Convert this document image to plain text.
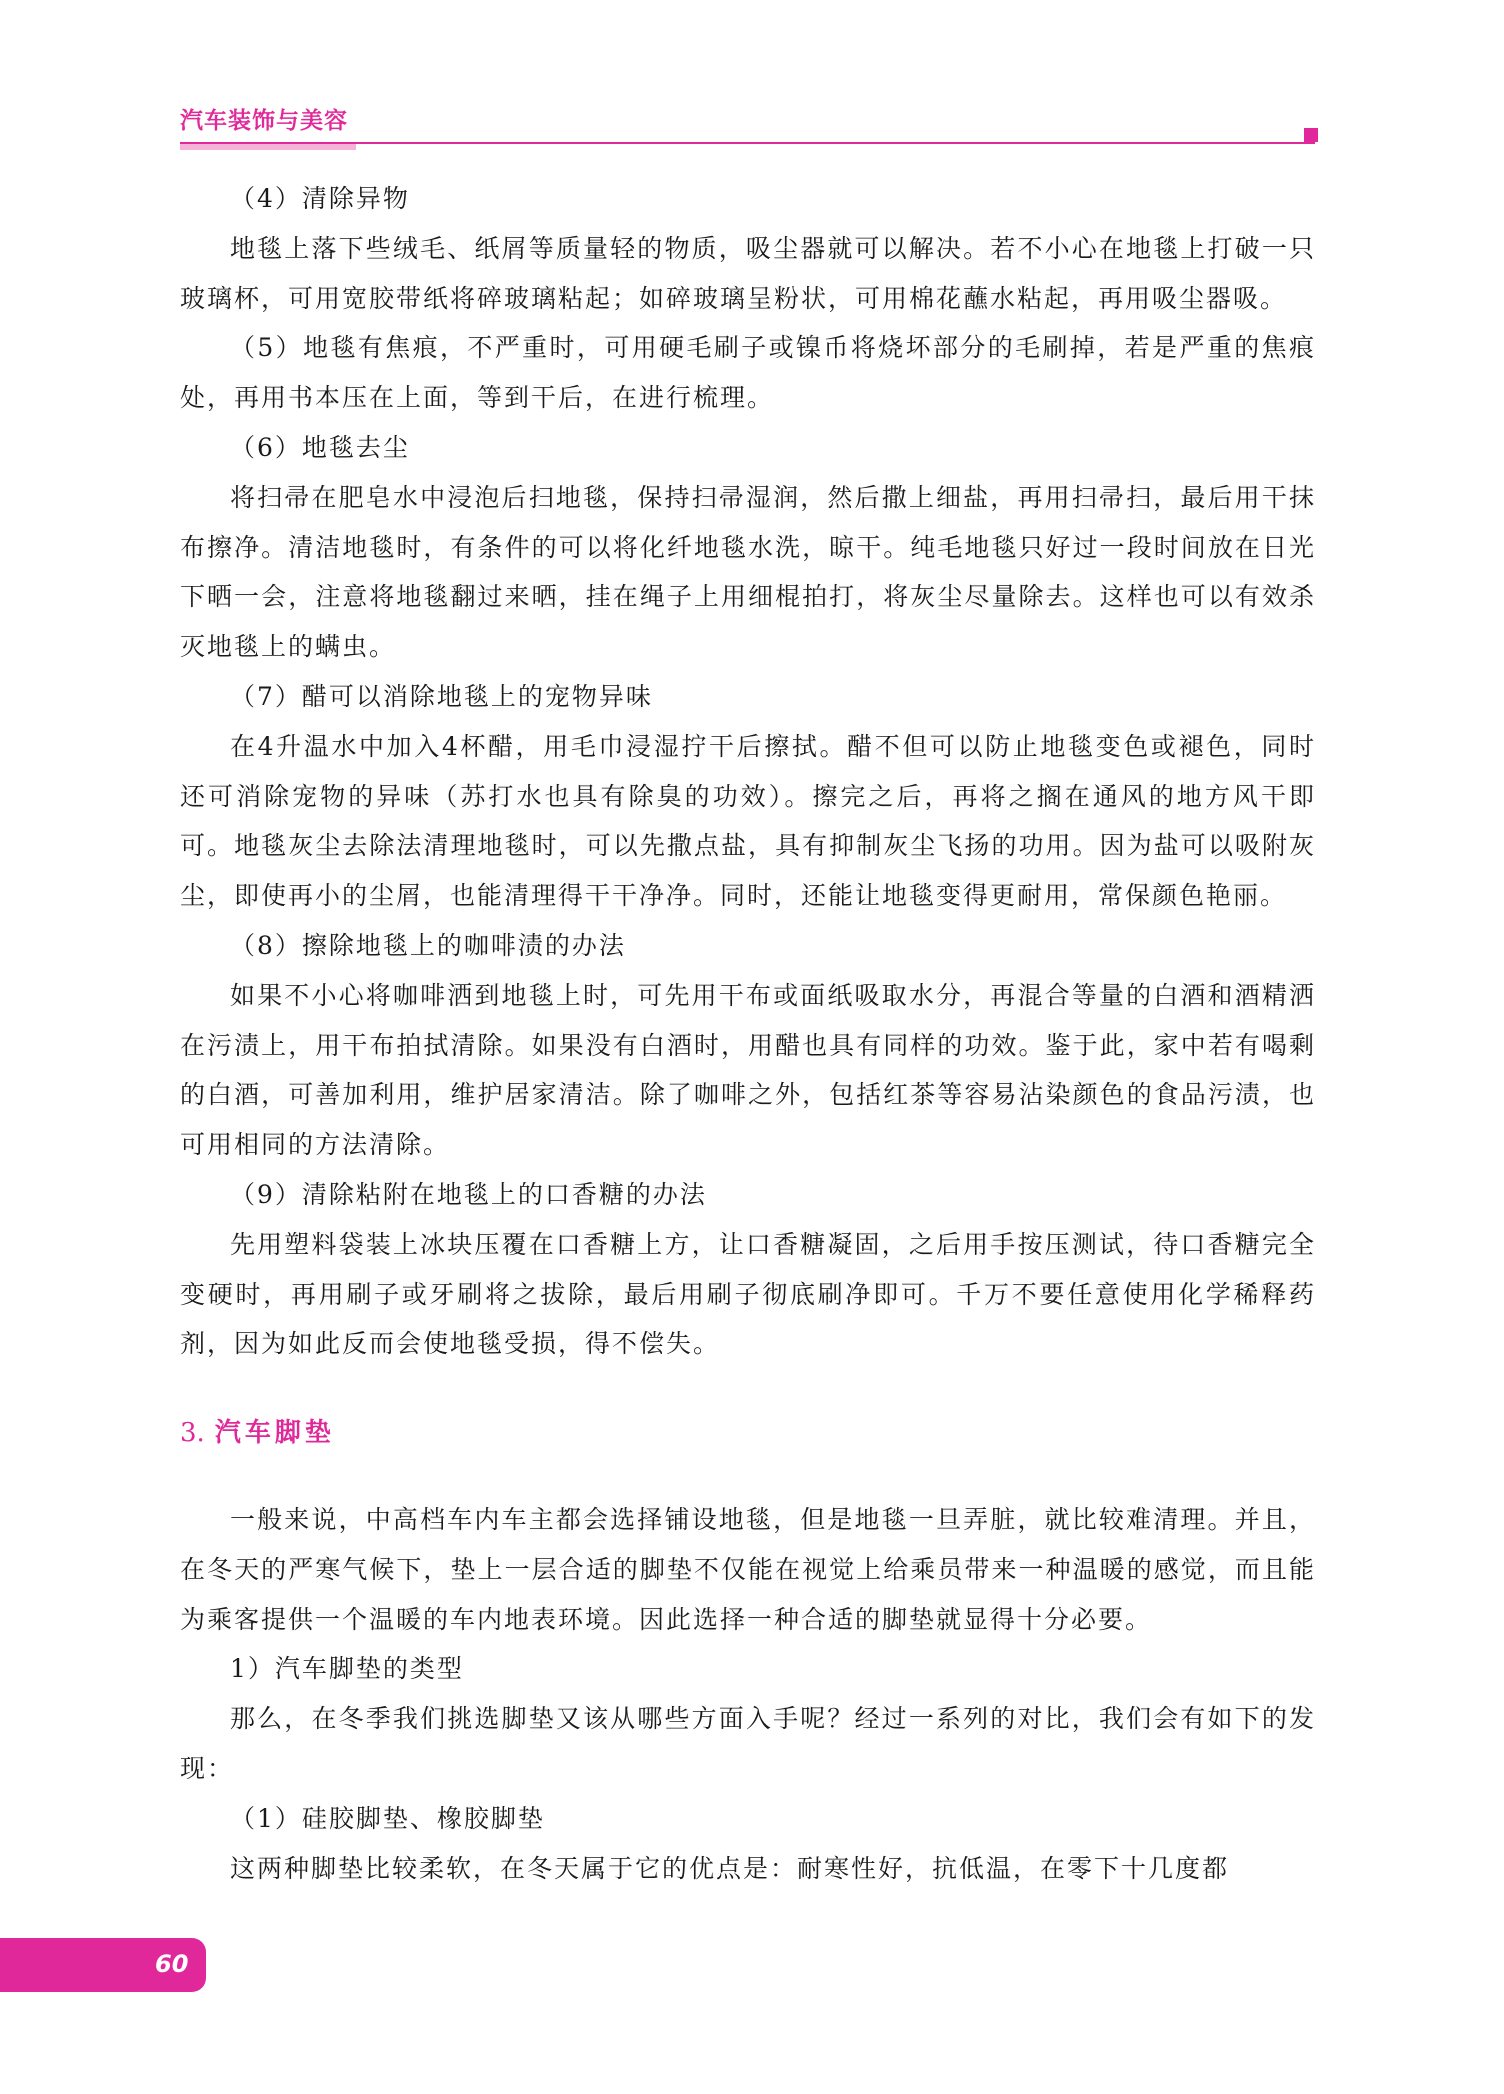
汽车装饰与美容

（4）清除异物

地毯上落下些绒毛、纸屑等质量轻的物质，吸尘器就可以解决。若不小心在地毯上打破一只玻璃杯，可用宽胶带纸将碎玻璃粘起；如碎玻璃呈粉状，可用棉花蘸水粘起，再用吸尘器吸。

（5）地毯有焦痕，不严重时，可用硬毛刷子或镍币将烧坏部分的毛刷掉，若是严重的焦痕处，再用书本压在上面，等到干后，在进行梳理。

（6）地毯去尘

将扫帚在肥皂水中浸泡后扫地毯，保持扫帚湿润，然后撒上细盐，再用扫帚扫，最后用干抹布擦净。清洁地毯时，有条件的可以将化纤地毯水洗，晾干。纯毛地毯只好过一段时间放在日光下晒一会，注意将地毯翻过来晒，挂在绳子上用细棍拍打，将灰尘尽量除去。这样也可以有效杀灭地毯上的螨虫。

（7）醋可以消除地毯上的宠物异味

在4升温水中加入4杯醋，用毛巾浸湿拧干后擦拭。醋不但可以防止地毯变色或褪色，同时还可消除宠物的异味（苏打水也具有除臭的功效）。擦完之后，再将之搁在通风的地方风干即可。地毯灰尘去除法清理地毯时，可以先撒点盐，具有抑制灰尘飞扬的功用。因为盐可以吸附灰尘，即使再小的尘屑，也能清理得干干净净。同时，还能让地毯变得更耐用，常保颜色艳丽。

（8）擦除地毯上的咖啡渍的办法

如果不小心将咖啡洒到地毯上时，可先用干布或面纸吸取水分，再混合等量的白酒和酒精洒在污渍上，用干布拍拭清除。如果没有白酒时，用醋也具有同样的功效。鉴于此，家中若有喝剩的白酒，可善加利用，维护居家清洁。除了咖啡之外，包括红茶等容易沾染颜色的食品污渍，也可用相同的方法清除。

（9）清除粘附在地毯上的口香糖的办法

先用塑料袋装上冰块压覆在口香糖上方，让口香糖凝固，之后用手按压测试，待口香糖完全变硬时，再用刷子或牙刷将之拔除，最后用刷子彻底刷净即可。千万不要任意使用化学稀释药剂，因为如此反而会使地毯受损，得不偿失。

3. 汽车脚垫

一般来说，中高档车内车主都会选择铺设地毯，但是地毯一旦弄脏，就比较难清理。并且，在冬天的严寒气候下，垫上一层合适的脚垫不仅能在视觉上给乘员带来一种温暖的感觉，而且能为乘客提供一个温暖的车内地表环境。因此选择一种合适的脚垫就显得十分必要。

1）汽车脚垫的类型

那么，在冬季我们挑选脚垫又该从哪些方面入手呢？经过一系列的对比，我们会有如下的发现：

（1）硅胶脚垫、橡胶脚垫

这两种脚垫比较柔软，在冬天属于它的优点是：耐寒性好，抗低温，在零下十几度都

60
